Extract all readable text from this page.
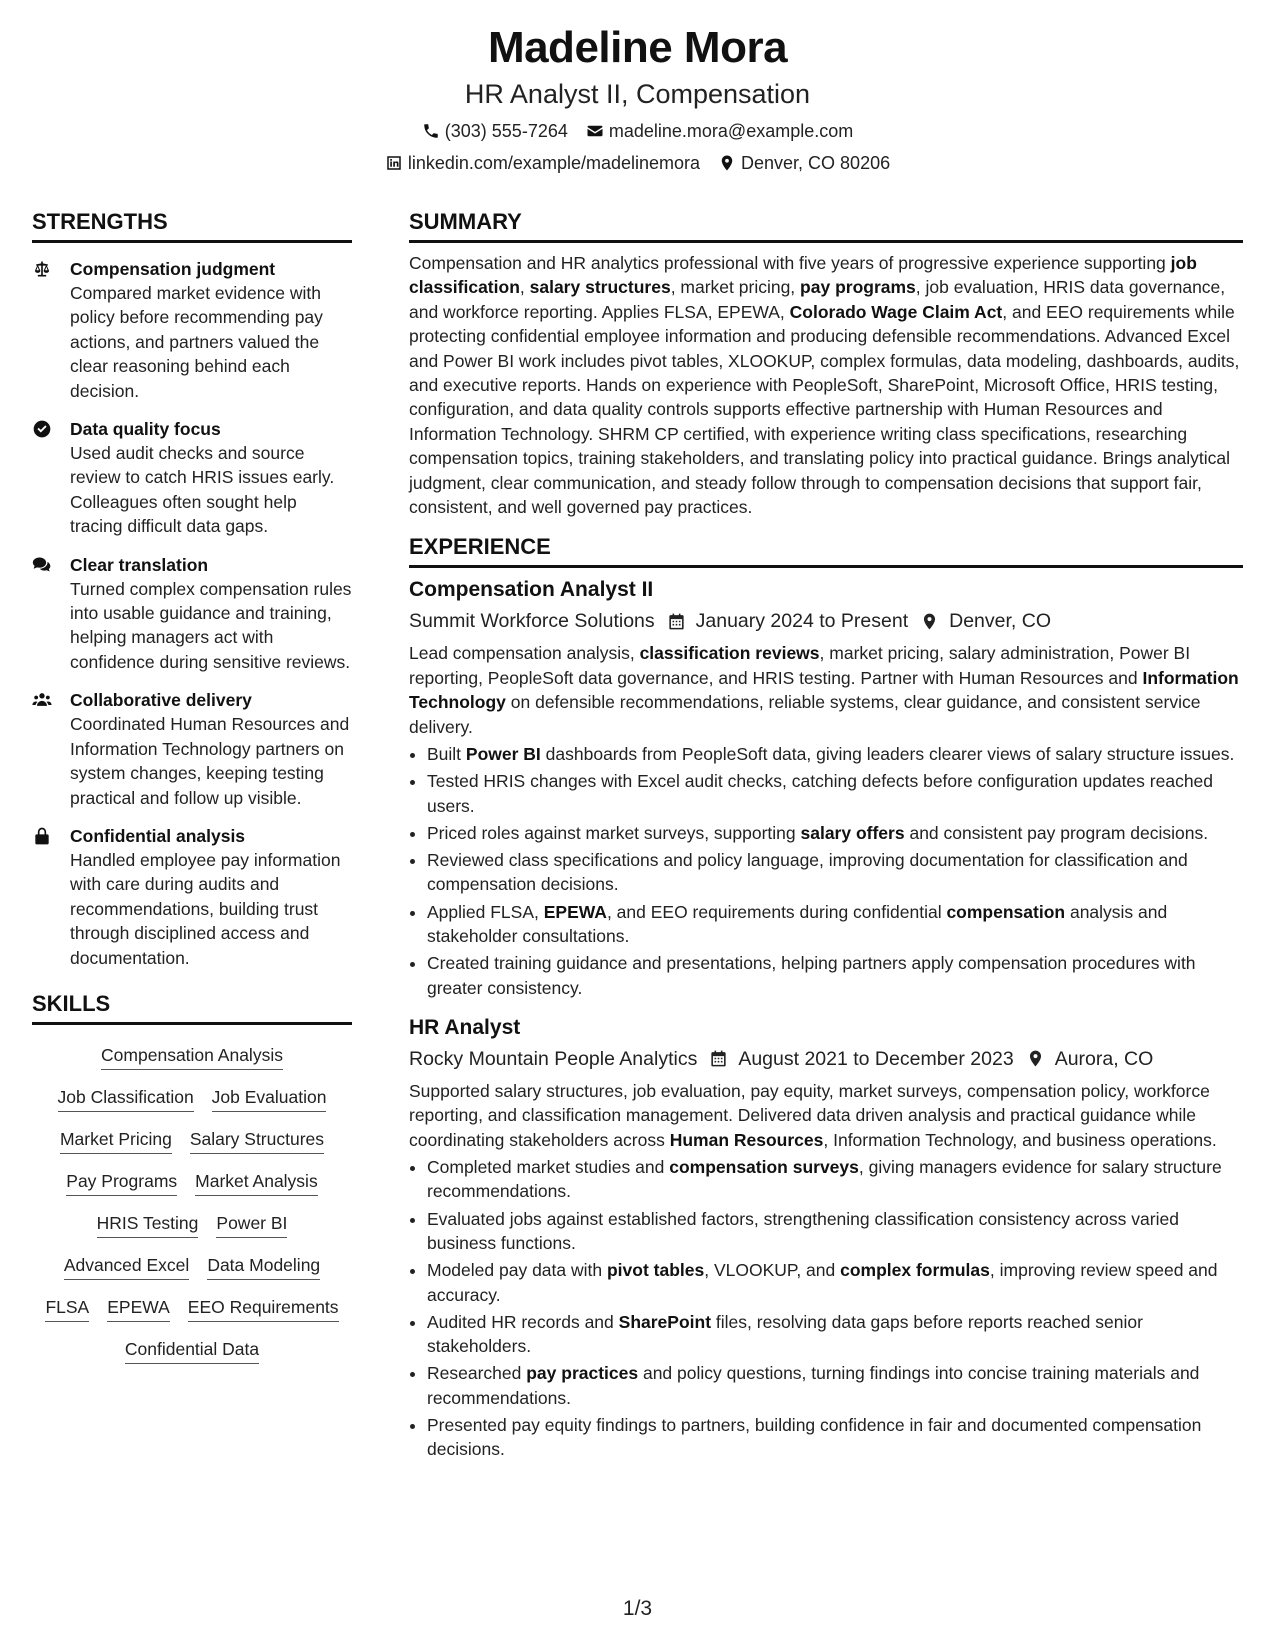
Madeline Mora
HR Analyst II, Compensation
(303) 555-7264 madeline.mora@example.com
linkedin.com/example/madelinemora Denver, CO 80206
STRENGTHS
Compensation judgment
Compared market evidence with policy before recommending pay actions, and partners valued the clear reasoning behind each decision.
Data quality focus
Used audit checks and source review to catch HRIS issues early. Colleagues often sought help tracing difficult data gaps.
Clear translation
Turned complex compensation rules into usable guidance and training, helping managers act with confidence during sensitive reviews.
Collaborative delivery
Coordinated Human Resources and Information Technology partners on system changes, keeping testing practical and follow up visible.
Confidential analysis
Handled employee pay information with care during audits and recommendations, building trust through disciplined access and documentation.
SKILLS
Compensation Analysis
Job Classification Job Evaluation
Market Pricing Salary Structures
Pay Programs Market Analysis
HRIS Testing Power BI
Advanced Excel Data Modeling
FLSA EPEWA EEO Requirements
Confidential Data
SUMMARY
Compensation and HR analytics professional with five years of progressive experience supporting job classification, salary structures, market pricing, pay programs, job evaluation, HRIS data governance, and workforce reporting. Applies FLSA, EPEWA, Colorado Wage Claim Act, and EEO requirements while protecting confidential employee information and producing defensible recommendations. Advanced Excel and Power BI work includes pivot tables, XLOOKUP, complex formulas, data modeling, dashboards, audits, and executive reports. Hands on experience with PeopleSoft, SharePoint, Microsoft Office, HRIS testing, configuration, and data quality controls supports effective partnership with Human Resources and Information Technology. SHRM CP certified, with experience writing class specifications, researching compensation topics, training stakeholders, and translating policy into practical guidance. Brings analytical judgment, clear communication, and steady follow through to compensation decisions that support fair, consistent, and well governed pay practices.
EXPERIENCE
Compensation Analyst II
Summit Workforce Solutions January 2024 to Present Denver, CO
Lead compensation analysis, classification reviews, market pricing, salary administration, Power BI reporting, PeopleSoft data governance, and HRIS testing. Partner with Human Resources and Information Technology on defensible recommendations, reliable systems, clear guidance, and consistent service delivery.
• Built Power BI dashboards from PeopleSoft data, giving leaders clearer views of salary structure issues.
• Tested HRIS changes with Excel audit checks, catching defects before configuration updates reached users.
• Priced roles against market surveys, supporting salary offers and consistent pay program decisions.
• Reviewed class specifications and policy language, improving documentation for classification and compensation decisions.
• Applied FLSA, EPEWA, and EEO requirements during confidential compensation analysis and stakeholder consultations.
• Created training guidance and presentations, helping partners apply compensation procedures with greater consistency.
HR Analyst
Rocky Mountain People Analytics August 2021 to December 2023 Aurora, CO
Supported salary structures, job evaluation, pay equity, market surveys, compensation policy, workforce reporting, and classification management. Delivered data driven analysis and practical guidance while coordinating stakeholders across Human Resources, Information Technology, and business operations.
• Completed market studies and compensation surveys, giving managers evidence for salary structure recommendations.
• Evaluated jobs against established factors, strengthening classification consistency across varied business functions.
• Modeled pay data with pivot tables, VLOOKUP, and complex formulas, improving review speed and accuracy.
• Audited HR records and SharePoint files, resolving data gaps before reports reached senior stakeholders.
• Researched pay practices and policy questions, turning findings into concise training materials and recommendations.
• Presented pay equity findings to partners, building confidence in fair and documented compensation decisions.
1/3
